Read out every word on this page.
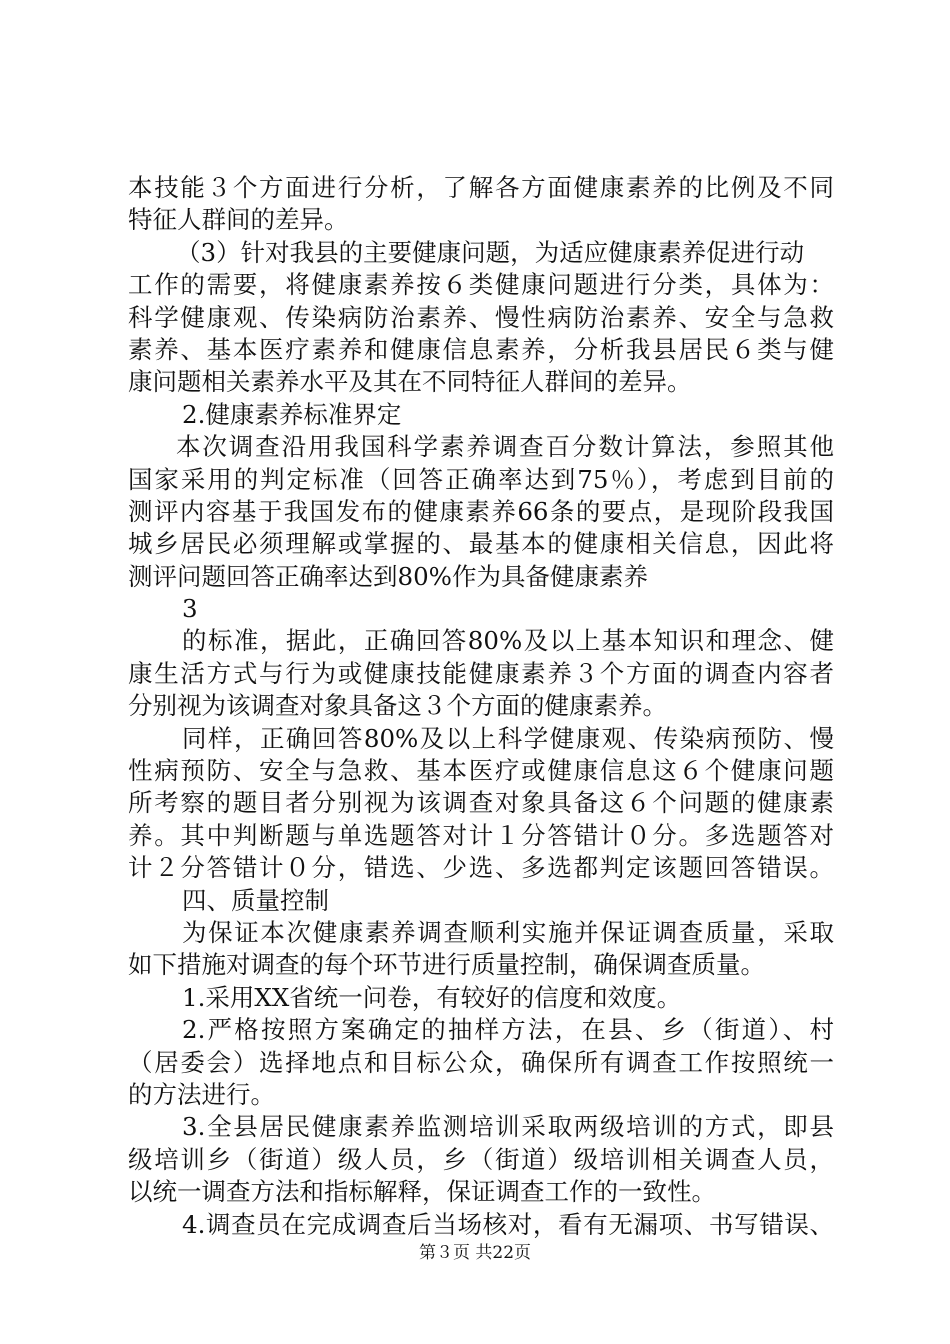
本技能３个方面进行分析，了解各方面健康素养的比例及不同
特征人群间的差异。
（3）针对我县的主要健康问题，为适应健康素养促进行动
工作的需要，将健康素养按６类健康问题进行分类，具体为：
科学健康观、传染病防治素养、慢性病防治素养、安全与急救
素养、基本医疗素养和健康信息素养，分析我县居民６类与健
康问题相关素养水平及其在不同特征人群间的差异。
2.健康素养标准界定
本次调查沿用我国科学素养调查百分数计算法，参照其他
国家采用的判定标准（回答正确率达到75％），考虑到目前的
测评内容基于我国发布的健康素养66条的要点，是现阶段我国
城乡居民必须理解或掌握的、最基本的健康相关信息，因此将
测评问题回答正确率达到80%作为具备健康素养
3
的标准，据此，正确回答80%及以上基本知识和理念、健
康生活方式与行为或健康技能健康素养３个方面的调查内容者
分别视为该调查对象具备这３个方面的健康素养。
同样，正确回答80%及以上科学健康观、传染病预防、慢
性病预防、安全与急救、基本医疗或健康信息这６个健康问题
所考察的题目者分别视为该调查对象具备这６个问题的健康素
养。其中判断题与单选题答对计１分答错计０分。多选题答对
计２分答错计０分，错选、少选、多选都判定该题回答错误。
四、质量控制
为保证本次健康素养调查顺利实施并保证调查质量，采取
如下措施对调查的每个环节进行质量控制，确保调查质量。
1.采用XX省统一问卷，有较好的信度和效度。
2.严格按照方案确定的抽样方法，在县、乡（街道）、村
（居委会）选择地点和目标公众，确保所有调查工作按照统一
的方法进行。
3.全县居民健康素养监测培训采取两级培训的方式，即县
级培训乡（街道）级人员，乡（街道）级培训相关调查人员，
以统一调查方法和指标解释，保证调查工作的一致性。
4.调查员在完成调查后当场核对，看有无漏项、书写错误、
第３页 共22页
